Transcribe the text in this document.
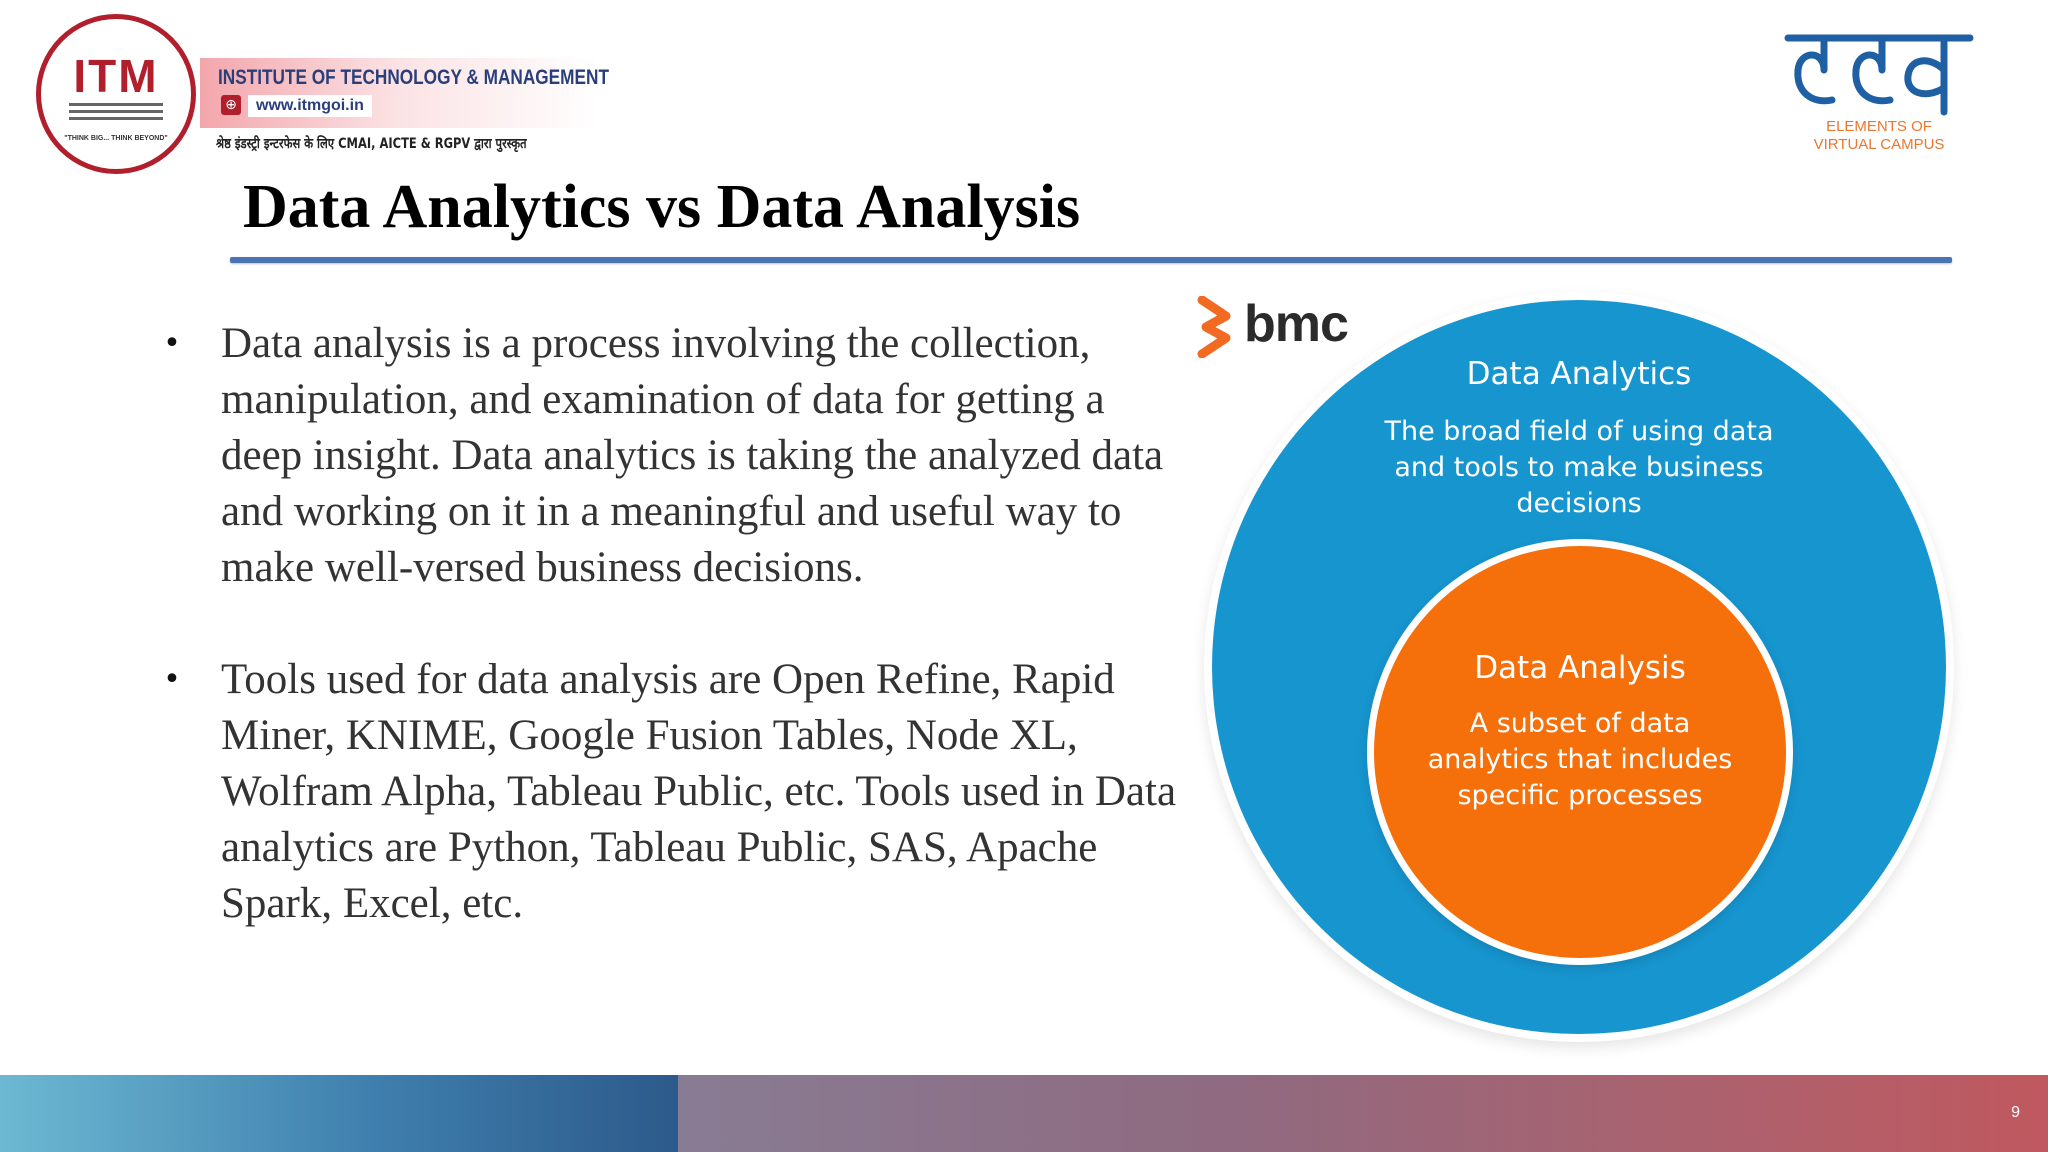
ITM
"THINK BIG... THINK BEYOND"
INSTITUTE OF TECHNOLOGY & MANAGEMENT
⊕	www.itmgoi.in
श्रेष्ठ इंडस्ट्री इन्टरफेस के लिए CMAI, AICTE & RGPV द्वारा पुरस्कृत
ELEMENTS OF
VIRTUAL CAMPUS
Data Analytics vs Data Analysis
• Data analysis is a process involving the collection, manipulation, and examination of data for getting a deep insight. Data analytics is taking the analyzed data and working on it in a meaningful and useful way to make well-versed business decisions.
• Tools used for data analysis are Open Refine, Rapid Miner, KNIME, Google Fusion Tables, Node XL, Wolfram Alpha, Tableau Public, etc. Tools used in Data analytics are Python, Tableau Public, SAS, Apache Spark, Excel, etc.
bmc
Data Analytics
The broad field of using data and tools to make business decisions
Data Analysis
A subset of data analytics that includes specific processes
9
